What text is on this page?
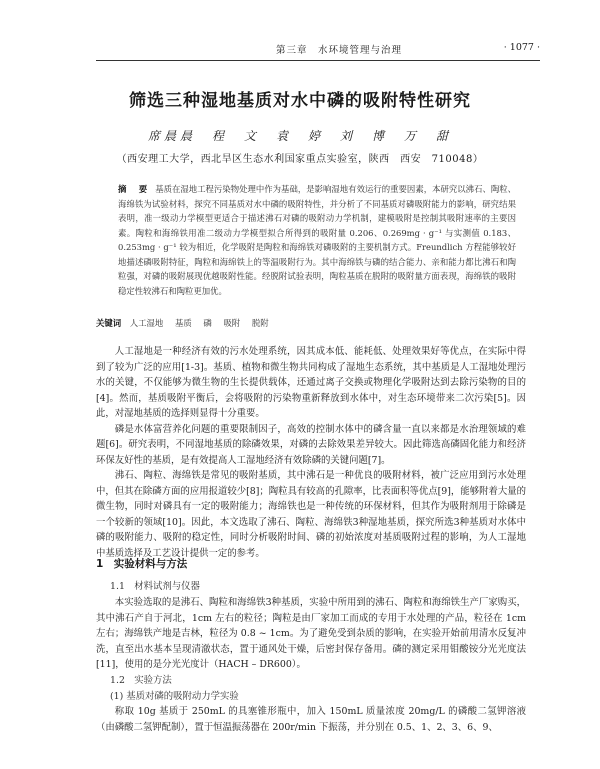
第三章　水环境管理与治理	· 1077 ·
筛选三种湿地基质对水中磷的吸附特性研究
席晨晨　程　文　袁　婷　刘　博　万　甜
（西安理工大学，西北旱区生态水利国家重点实验室，陕西　西安　710048）
摘　要 基质在湿地工程污染物处理中作为基础，是影响湿地有效运行的重要因素，本研究以沸石、陶粒、海绵铁为试验材料，探究不同基质对水中磷的吸附特性，并分析了不同基质对磷吸附能力的影响，研究结果表明，准一级动力学模型更适合于描述沸石对磷的吸附动力学机制，建模吸附是控制其吸附速率的主要因素。陶粒和海绵铁用准二级动力学模型拟合所得到的吸附量 0.206、0.269mg · g⁻¹ 与实测值 0.183、0.253mg · g⁻¹ 较为相近，化学吸附是陶粒和海绵铁对磷吸附的主要机制方式。Freundlich 方程能够较好地描述磷吸附特征，陶粒和海绵铁上的等温吸附行为。其中海绵铁与磷的结合能力、亲和能力都比沸石和陶粒强，对磷的吸附展现优越吸附性能。经脱附试验表明，陶粒基质在脱附的吸附量方面表现，海绵铁的吸附稳定性较沸石和陶粒更加优。
关键词 人工湿地 基质 磷 吸附 脱附

人工湿地是一种经济有效的污水处理系统，因其成本低、能耗低、处理效果好等优点，在实际中得到了较为广泛的应用[1-3]。基质、植物和微生物共同构成了湿地生态系统，其中基质是人工湿地处理污水的关键，不仅能够为微生物的生长提供载体，还通过离子交换或物理化学吸附达到去除污染物的目的[4]。然而，基质吸附平衡后，会将吸附的污染物重新释放到水体中，对生态环境带来二次污染[5]。因此，对湿地基质的选择则显得十分重要。

磷是水体富营养化问题的重要限制因子，高效的控制水体中的磷含量一直以来都是水治理领域的难题[6]。研究表明，不同湿地基质的除磷效果，对磷的去除效果差异较大。因此筛选高磷固化能力和经济环保友好性的基质，是有效提高人工湿地经济有效除磷的关键问题[7]。

沸石、陶粒、海绵铁是常见的吸附基质，其中沸石是一种优良的吸附材料，被广泛应用到污水处理中，但其在除磷方面的应用报道较少[8]；陶粒具有较高的孔隙率，比表面积等优点[9]，能够附着大量的微生物，同时对磷具有一定的吸附能力；海绵铁也是一种传统的环保材料，但其作为吸附剂用于除磷是一个较新的领域[10]。因此，本文选取了沸石、陶粒、海绵铁3种湿地基质，探究所选3种基质对水体中磷的吸附能力、吸附的稳定性，同时分析吸附时间、磷的初始浓度对基质吸附过程的影响，为人工湿地中基质选择及工艺设计提供一定的参考。

1　实验材料与方法
1.1　材料试剂与仪器

本实验选取的是沸石、陶粒和海绵铁3种基质，实验中所用到的沸石、陶粒和海绵铁生产厂家购买，其中沸石产自于河北，1cm 左右的粒径；陶粒是由厂家加工而成的专用于水处理的产品，粒径在 1cm 左右；海绵铁产地是吉林，粒径为 0.8 ~ 1cm。为了避免受到杂质的影响，在实验开始前用清水反复冲洗，直至出水基本呈现清澈状态，置于通风处干燥，后密封保存备用。磷的测定采用钼酸铵分光光度法[11]，使用的是分光光度计（HACH – DR600）。

1.2　实验方法
(1) 基质对磷的吸附动力学实验

称取 10g 基质于 250mL 的具塞锥形瓶中，加入 150mL 质量浓度 20mg/L 的磷酸二氢钾溶液（由磷酸二氢钾配制），置于恒温振荡器在 200r/min 下振荡，并分别在 0.5、1、2、3、6、9、
